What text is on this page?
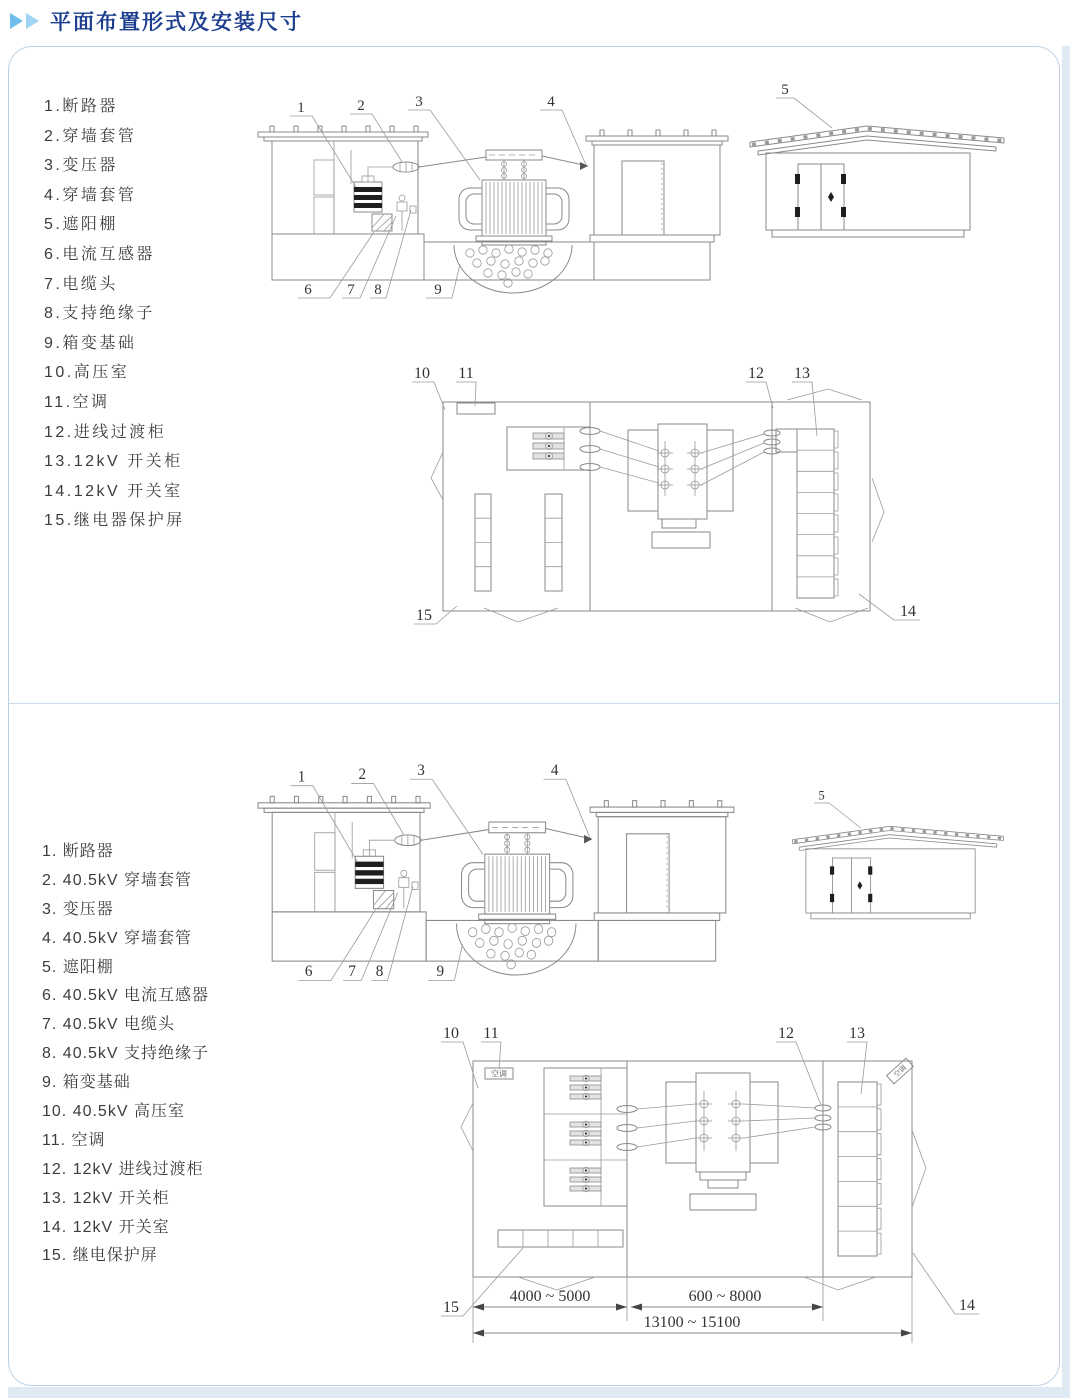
平面布置形式及安装尺寸
1.断路器
2.穿墙套管
3.变压器
4.穿墙套管
5.遮阳棚
6.电流互感器
7.电缆头
8.支持绝缘子
9.箱变基础
10.高压室
11.空调
12.进线过渡柜
13.12kV 开关柜
14.12kV 开关室
15.继电器保护屏
1	2	3	4
6 7 8	9
5
10 11	12 13
15	14
1. 断路器
2. 40.5kV 穿墙套管
3. 变压器
4. 40.5kV 穿墙套管
5. 遮阳棚
6. 40.5kV 电流互感器
7. 40.5kV 电缆头
8. 40.5kV 支持绝缘子
9. 箱变基础
10. 40.5kV 高压室
11. 空调
12. 12kV 进线过渡柜
13. 12kV 开关柜
14. 12kV 开关室
15. 继电保护屏
1	2	3	4
6 7 8	9
5
空调
空调
4000 ~ 5000	600 ~ 8000
13100 ~ 15100
10 11	12	13
15	14
